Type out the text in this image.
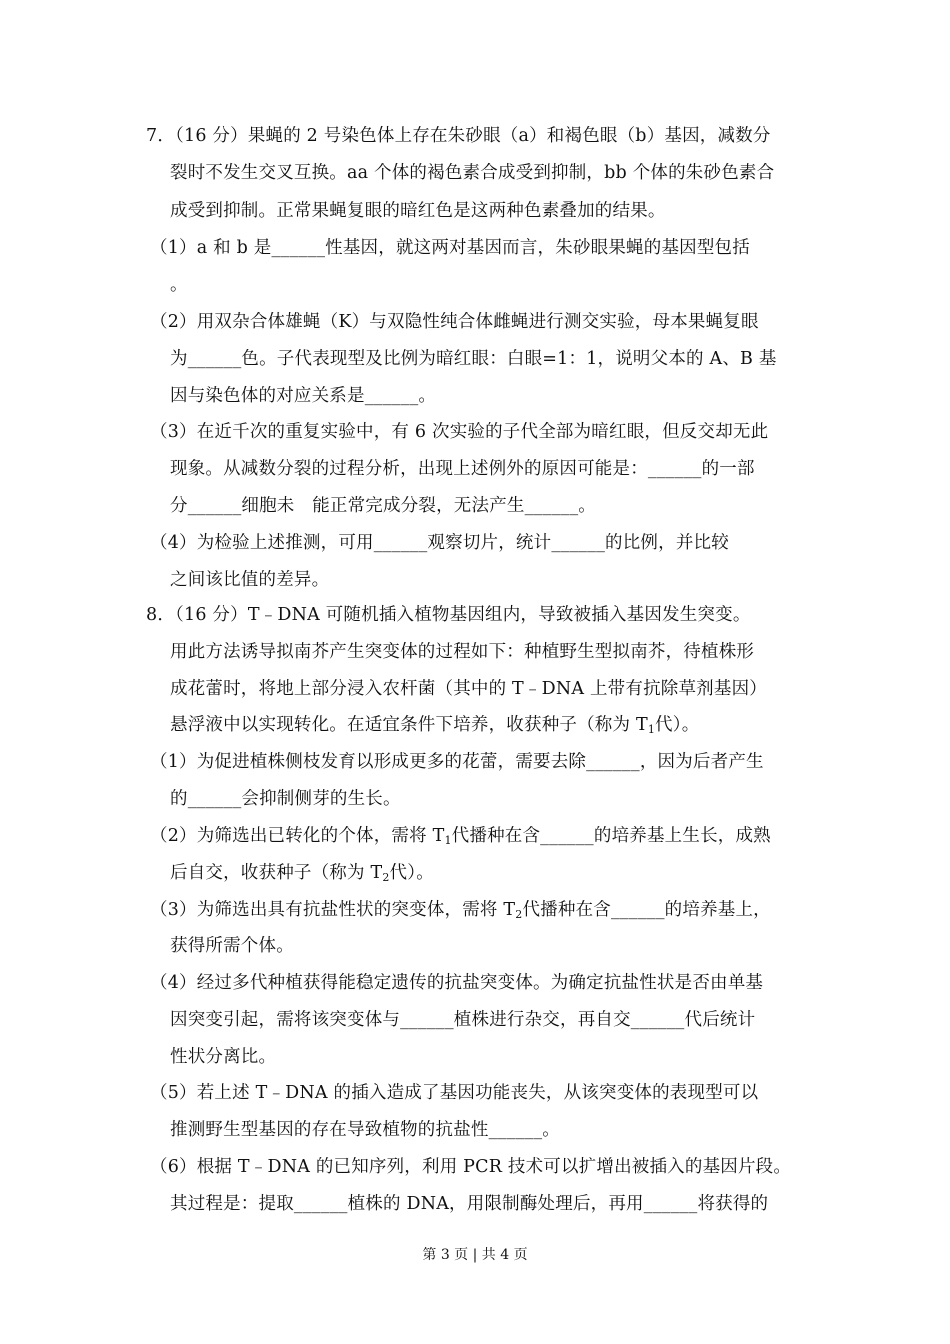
7．（16 分）果蝇的 2 号染色体上存在朱砂眼（a）和褐色眼（b）基因，减数分
裂时不发生交叉互换。aa 个体的褐色素合成受到抑制，bb 个体的朱砂色素合
成受到抑制。正常果蝇复眼的暗红色是这两种色素叠加的结果。
（1）a 和 b 是______性基因，就这两对基因而言，朱砂眼果蝇的基因型包括
。
（2）用双杂合体雄蝇（K）与双隐性纯合体雌蝇进行测交实验，母本果蝇复眼
为______色。子代表现型及比例为暗红眼：白眼=1：1，说明父本的 A、B 基
因与染色体的对应关系是______。
（3）在近千次的重复实验中，有 6 次实验的子代全部为暗红眼，但反交却无此
现象。从减数分裂的过程分析，出现上述例外的原因可能是：______的一部
分______细胞未　能正常完成分裂，无法产生______。
（4）为检验上述推测，可用______观察切片，统计______的比例，并比较
之间该比值的差异。
8．（16 分）T﹣DNA 可随机插入植物基因组内，导致被插入基因发生突变。
用此方法诱导拟南芥产生突变体的过程如下：种植野生型拟南芥，待植株形
成花蕾时，将地上部分浸入农杆菌（其中的 T﹣DNA 上带有抗除草剂基因）
悬浮液中以实现转化。在适宜条件下培养，收获种子（称为 $T_1$代）。
（1）为促进植株侧枝发育以形成更多的花蕾，需要去除______，因为后者产生
的______会抑制侧芽的生长。
（2）为筛选出已转化的个体，需将 $T_1$代播种在含______的培养基上生长，成熟
后自交，收获种子（称为 $T_2$代）。
（3）为筛选出具有抗盐性状的突变体，需将 $T_2$代播种在含______的培养基上，
获得所需个体。
（4）经过多代种植获得能稳定遗传的抗盐突变体。为确定抗盐性状是否由单基
因突变引起，需将该突变体与______植株进行杂交，再自交______代后统计
性状分离比。
（5）若上述 T﹣DNA 的插入造成了基因功能丧失，从该突变体的表现型可以
推测野生型基因的存在导致植物的抗盐性______。
（6）根据 T﹣DNA 的已知序列，利用 PCR 技术可以扩增出被插入的基因片段。
其过程是：提取______植株的 DNA，用限制酶处理后，再用______将获得的
第 3 页 | 共 4 页
